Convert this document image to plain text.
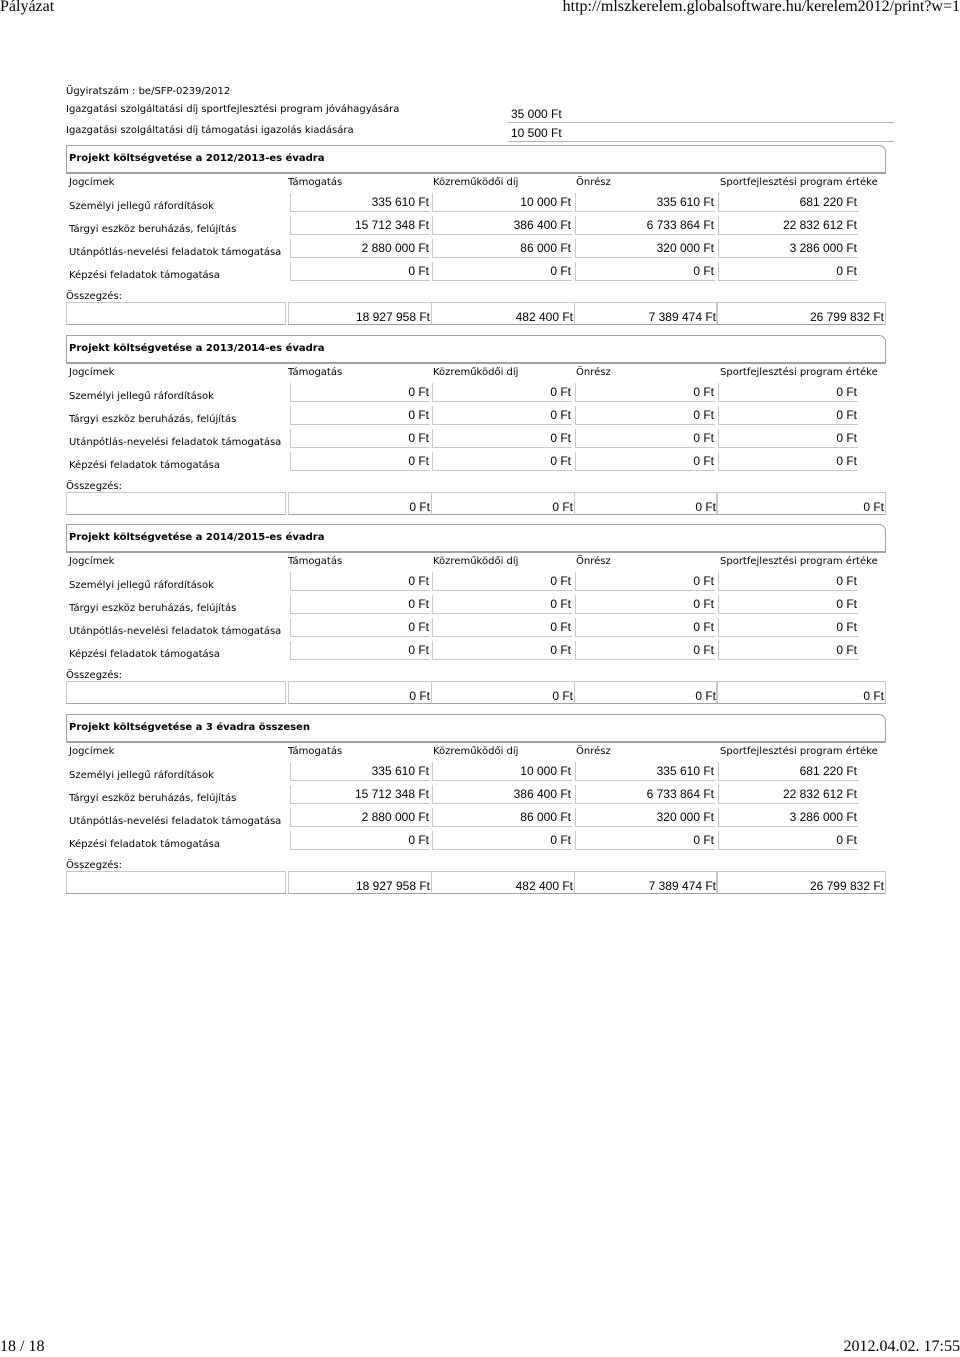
Pályázat	http://mlszkerelem.globalsoftware.hu/kerelem2012/print?w=1
Ügyiratszám : be/SFP-0239/2012
Igazgatási szolgáltatási díj sportfejlesztési program jóváhagyására	35 000 Ft
Igazgatási szolgáltatási díj támogatási igazolás kiadására	10 500 Ft
Projekt költségvetése a 2012/2013-es évadra
Jogcímek	Támogatás	Közreműködői díj	Önrész	Sportfejlesztési program értéke
Személyi jellegű ráfordítások	335 610 Ft	10 000 Ft	335 610 Ft	681 220 Ft
Tárgyi eszköz beruházás, felújítás	15 712 348 Ft	386 400 Ft	6 733 864 Ft	22 832 612 Ft
Utánpótlás-nevelési feladatok támogatása	2 880 000 Ft	86 000 Ft	320 000 Ft	3 286 000 Ft
Képzési feladatok támogatása	0 Ft	0 Ft	0 Ft	0 Ft
Összegzés:
18 927 958 Ft	482 400 Ft	7 389 474 Ft	26 799 832 Ft
Projekt költségvetése a 2013/2014-es évadra
Jogcímek	Támogatás	Közreműködői díj	Önrész	Sportfejlesztési program értéke
Személyi jellegű ráfordítások	0 Ft	0 Ft	0 Ft	0 Ft
Tárgyi eszköz beruházás, felújítás	0 Ft	0 Ft	0 Ft	0 Ft
Utánpótlás-nevelési feladatok támogatása	0 Ft	0 Ft	0 Ft	0 Ft
Képzési feladatok támogatása	0 Ft	0 Ft	0 Ft	0 Ft
Összegzés:
0 Ft	0 Ft	0 Ft	0 Ft
Projekt költségvetése a 2014/2015-es évadra
Jogcímek	Támogatás	Közreműködői díj	Önrész	Sportfejlesztési program értéke
Személyi jellegű ráfordítások	0 Ft	0 Ft	0 Ft	0 Ft
Tárgyi eszköz beruházás, felújítás	0 Ft	0 Ft	0 Ft	0 Ft
Utánpótlás-nevelési feladatok támogatása	0 Ft	0 Ft	0 Ft	0 Ft
Képzési feladatok támogatása	0 Ft	0 Ft	0 Ft	0 Ft
Összegzés:
0 Ft	0 Ft	0 Ft	0 Ft
Projekt költségvetése a 3 évadra összesen
Jogcímek	Támogatás	Közreműködői díj	Önrész	Sportfejlesztési program értéke
Személyi jellegű ráfordítások	335 610 Ft	10 000 Ft	335 610 Ft	681 220 Ft
Tárgyi eszköz beruházás, felújítás	15 712 348 Ft	386 400 Ft	6 733 864 Ft	22 832 612 Ft
Utánpótlás-nevelési feladatok támogatása	2 880 000 Ft	86 000 Ft	320 000 Ft	3 286 000 Ft
Képzési feladatok támogatása	0 Ft	0 Ft	0 Ft	0 Ft
Összegzés:
18 927 958 Ft	482 400 Ft	7 389 474 Ft	26 799 832 Ft
18 / 18	2012.04.02. 17:55
